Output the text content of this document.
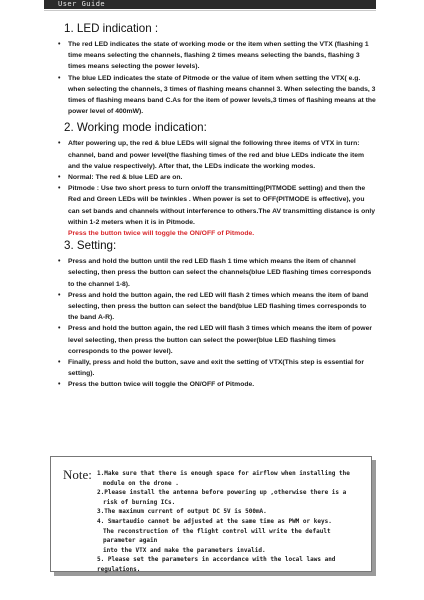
User Guide
1. LED indication :
• The red LED indicates the state of working mode or the item when setting the VTX (flashing 1 time means selecting the channels, flashing 2 times means selecting the bands, flashing 3 times means selecting the power levels).
• The blue LED indicates the state of Pitmode or the value of item when setting the VTX( e.g. when selecting the channels, 3 times of flashing means channel 3. When selecting the bands, 3 times of flashing means band C.As for the item of power levels,3 times of flashing means at the power level of 400mW).
2. Working mode indication:
• After powering up, the red & blue LEDs will signal the following three items of VTX in turn: channel, band and power level(the flashing times of the red and blue LEDs indicate the item and the value respectively). After that, the LEDs indicate the working modes.
• Normal: The red & blue LED are on.
• Pitmode : Use two short press to turn on/off the transmitting(PITMODE setting) and then the Red and Green LEDs will be twinkles . When power is set to OFF(PITMODE is effective), you can set bands and channels without interference to others.The AV transmitting distance is only within 1-2 meters when it is in Pitmode.
Press the button twice will toggle the ON/OFF of Pitmode.
3. Setting:
• Press and hold the button until the red LED flash 1 time which means the item of channel selecting, then press the button can select the channels(blue LED flashing times corresponds to the channel 1-8).
• Press and hold the button again, the red LED will flash 2 times which means the item of band selecting, then press the button can select the band(blue LED flashing times corresponds to the band A-R).
• Press and hold the button again, the red LED will flash 3 times which means the item of power level selecting, then press the button can select the power(blue LED flashing times corresponds to the power level).
• Finally, press and hold the button, save and exit the setting of VTX(This step is essential for setting).
• Press the button twice will toggle the ON/OFF of Pitmode.
Note: 1.Make sure that there is enough space for airflow when installing the

module on the drone .

2.Please install the antenna before powering up ,otherwise there is a

risk of burning ICs.

3.The maximum current of output DC 5V is 500mA.

4. Smartaudio cannot be adjusted at the same time as PWM or keys.

The reconstruction of the flight control will write the default parameter again

into the VTX and make the parameters invalid.

5. Please set the parameters in accordance with the local laws and regulations.
